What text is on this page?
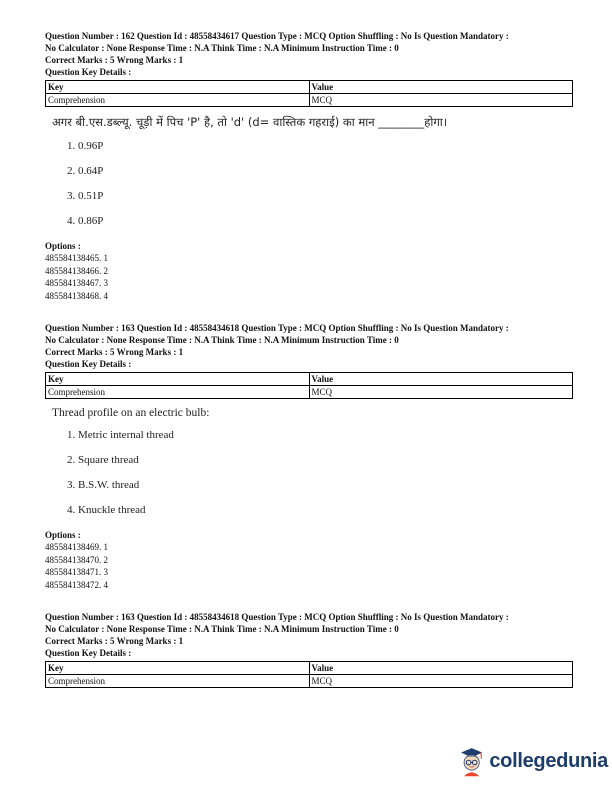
Question Number : 162 Question Id : 48558434617 Question Type : MCQ Option Shuffling : No Is Question Mandatory :
No Calculator : None Response Time : N.A Think Time : N.A Minimum Instruction Time : 0
Correct Marks : 5 Wrong Marks : 1
Question Key Details :
Key	Value
Comprehension	MCQ
अगर बी.एस.डब्ल्यू. चूड़ी में पिच 'P' है, तो 'd' (d= वास्तिक गहराई) का मान ________होगा।
1. 0.96P
2. 0.64P
3. 0.51P
4. 0.86P
Options :
485584138465. 1
485584138466. 2
485584138467. 3
485584138468. 4
Question Number : 163 Question Id : 48558434618 Question Type : MCQ Option Shuffling : No Is Question Mandatory :
No Calculator : None Response Time : N.A Think Time : N.A Minimum Instruction Time : 0
Correct Marks : 5 Wrong Marks : 1
Question Key Details :
Key	Value
Comprehension	MCQ
Thread profile on an electric bulb:
1. Metric internal thread
2. Square thread
3. B.S.W. thread
4. Knuckle thread
Options :
485584138469. 1
485584138470. 2
485584138471. 3
485584138472. 4
Question Number : 163 Question Id : 48558434618 Question Type : MCQ Option Shuffling : No Is Question Mandatory :
No Calculator : None Response Time : N.A Think Time : N.A Minimum Instruction Time : 0
Correct Marks : 5 Wrong Marks : 1
Question Key Details :
Key	Value
Comprehension	MCQ
collegedunia
